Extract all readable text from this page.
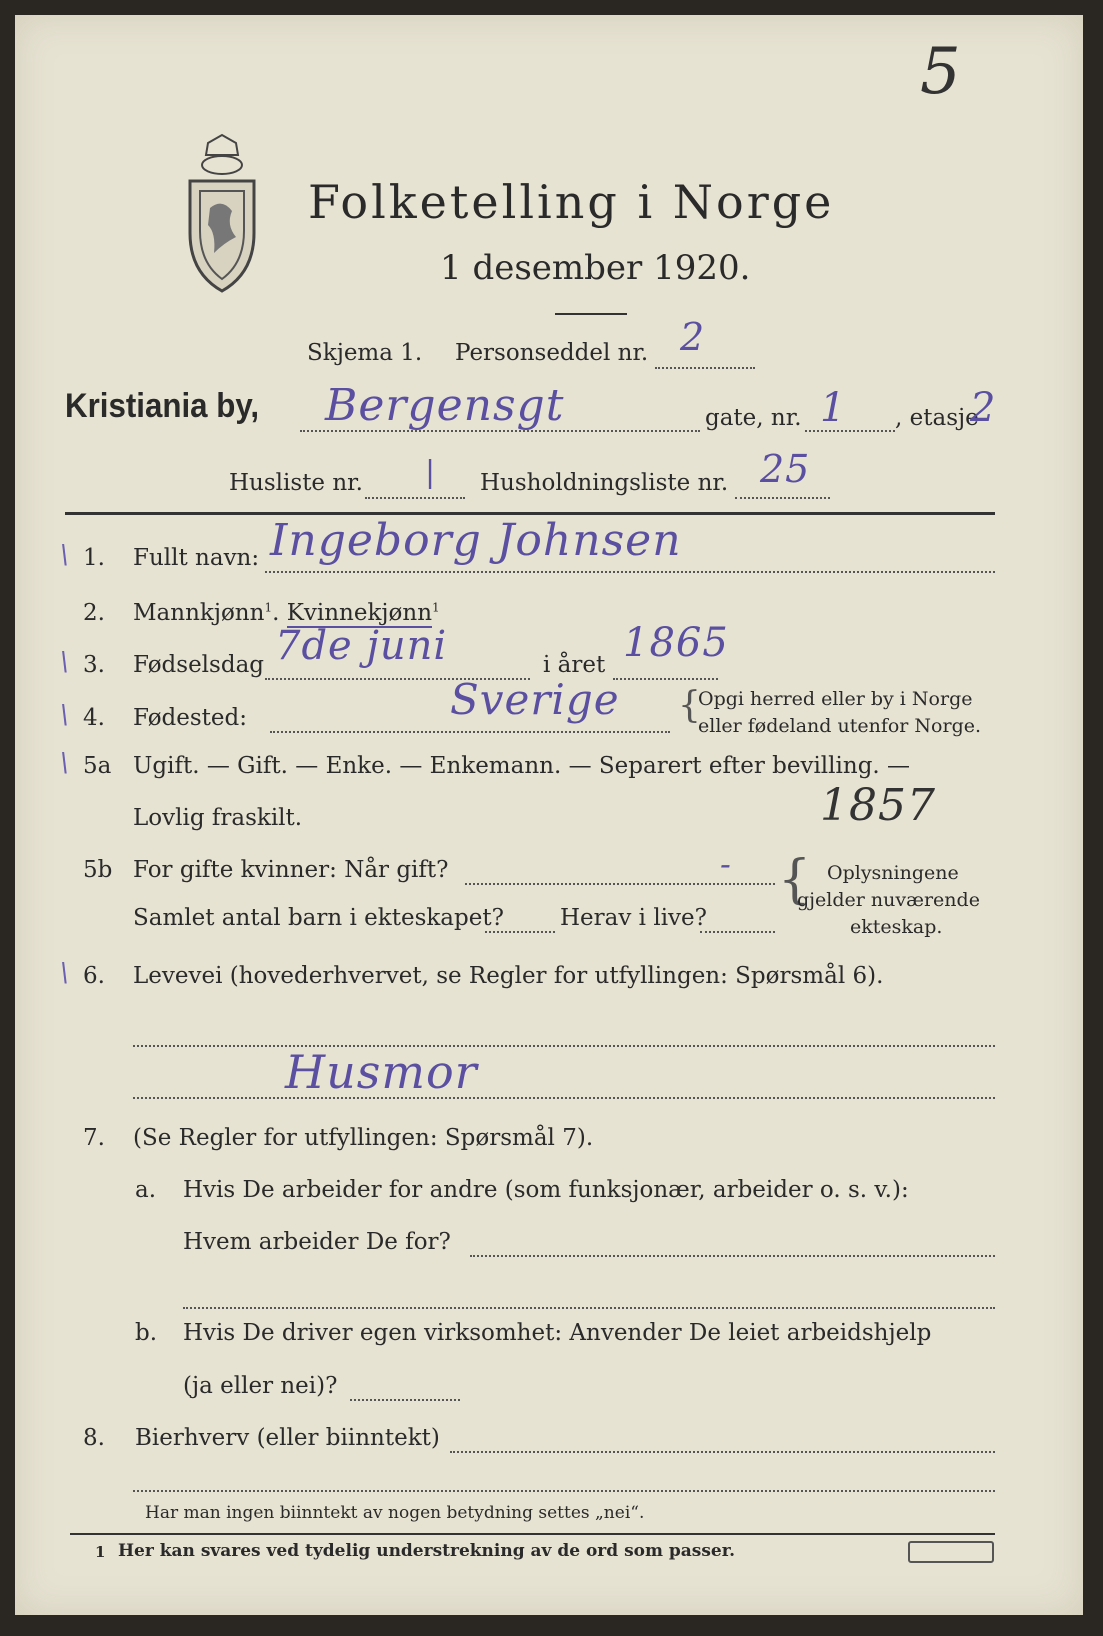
5
Folketelling i Norge
1 desember 1920.
Skjema 1. Personseddel nr. 2
Kristiania by, Bergensgt	gate, nr. 1 , etasje
2
Husliste nr. | Husholdningsliste nr. 25
\ 1. Fullt navn: Ingeborg Johnsen
2. Mannkjønn$^1$. Kvinnekjønn$^1$
\ 3. Fødselsdag 7de juni	i året 1865
\ 4. Fødested:	Sverige {
Opgi herred eller by i Norge
eller fødeland utenfor Norge.
\ 5a Ugift. — Gift. — Enke. — Enkemann. — Separert efter bevilling. —
Lovlig fraskilt.	1857
5b For gifte kvinner: Når gift?	-
Samlet antal barn i ekteskapet? Herav i live?
{ Oplysningene
gjelder nuværende
ekteskap.
\ 6. Levevei (hovederhvervet, se Regler for utfyllingen: Spørsmål 6).
Husmor
7. (Se Regler for utfyllingen: Spørsmål 7).
a. Hvis De arbeider for andre (som funksjonær, arbeider o. s. v.):
Hvem arbeider De for?
b. Hvis De driver egen virksomhet: Anvender De leiet arbeidshjelp
(ja eller nei)?
8. Bierhverv (eller biinntekt)
Har man ingen biinntekt av nogen betydning settes „nei“.
1 Her kan svares ved tydelig understrekning av de ord som passer.
